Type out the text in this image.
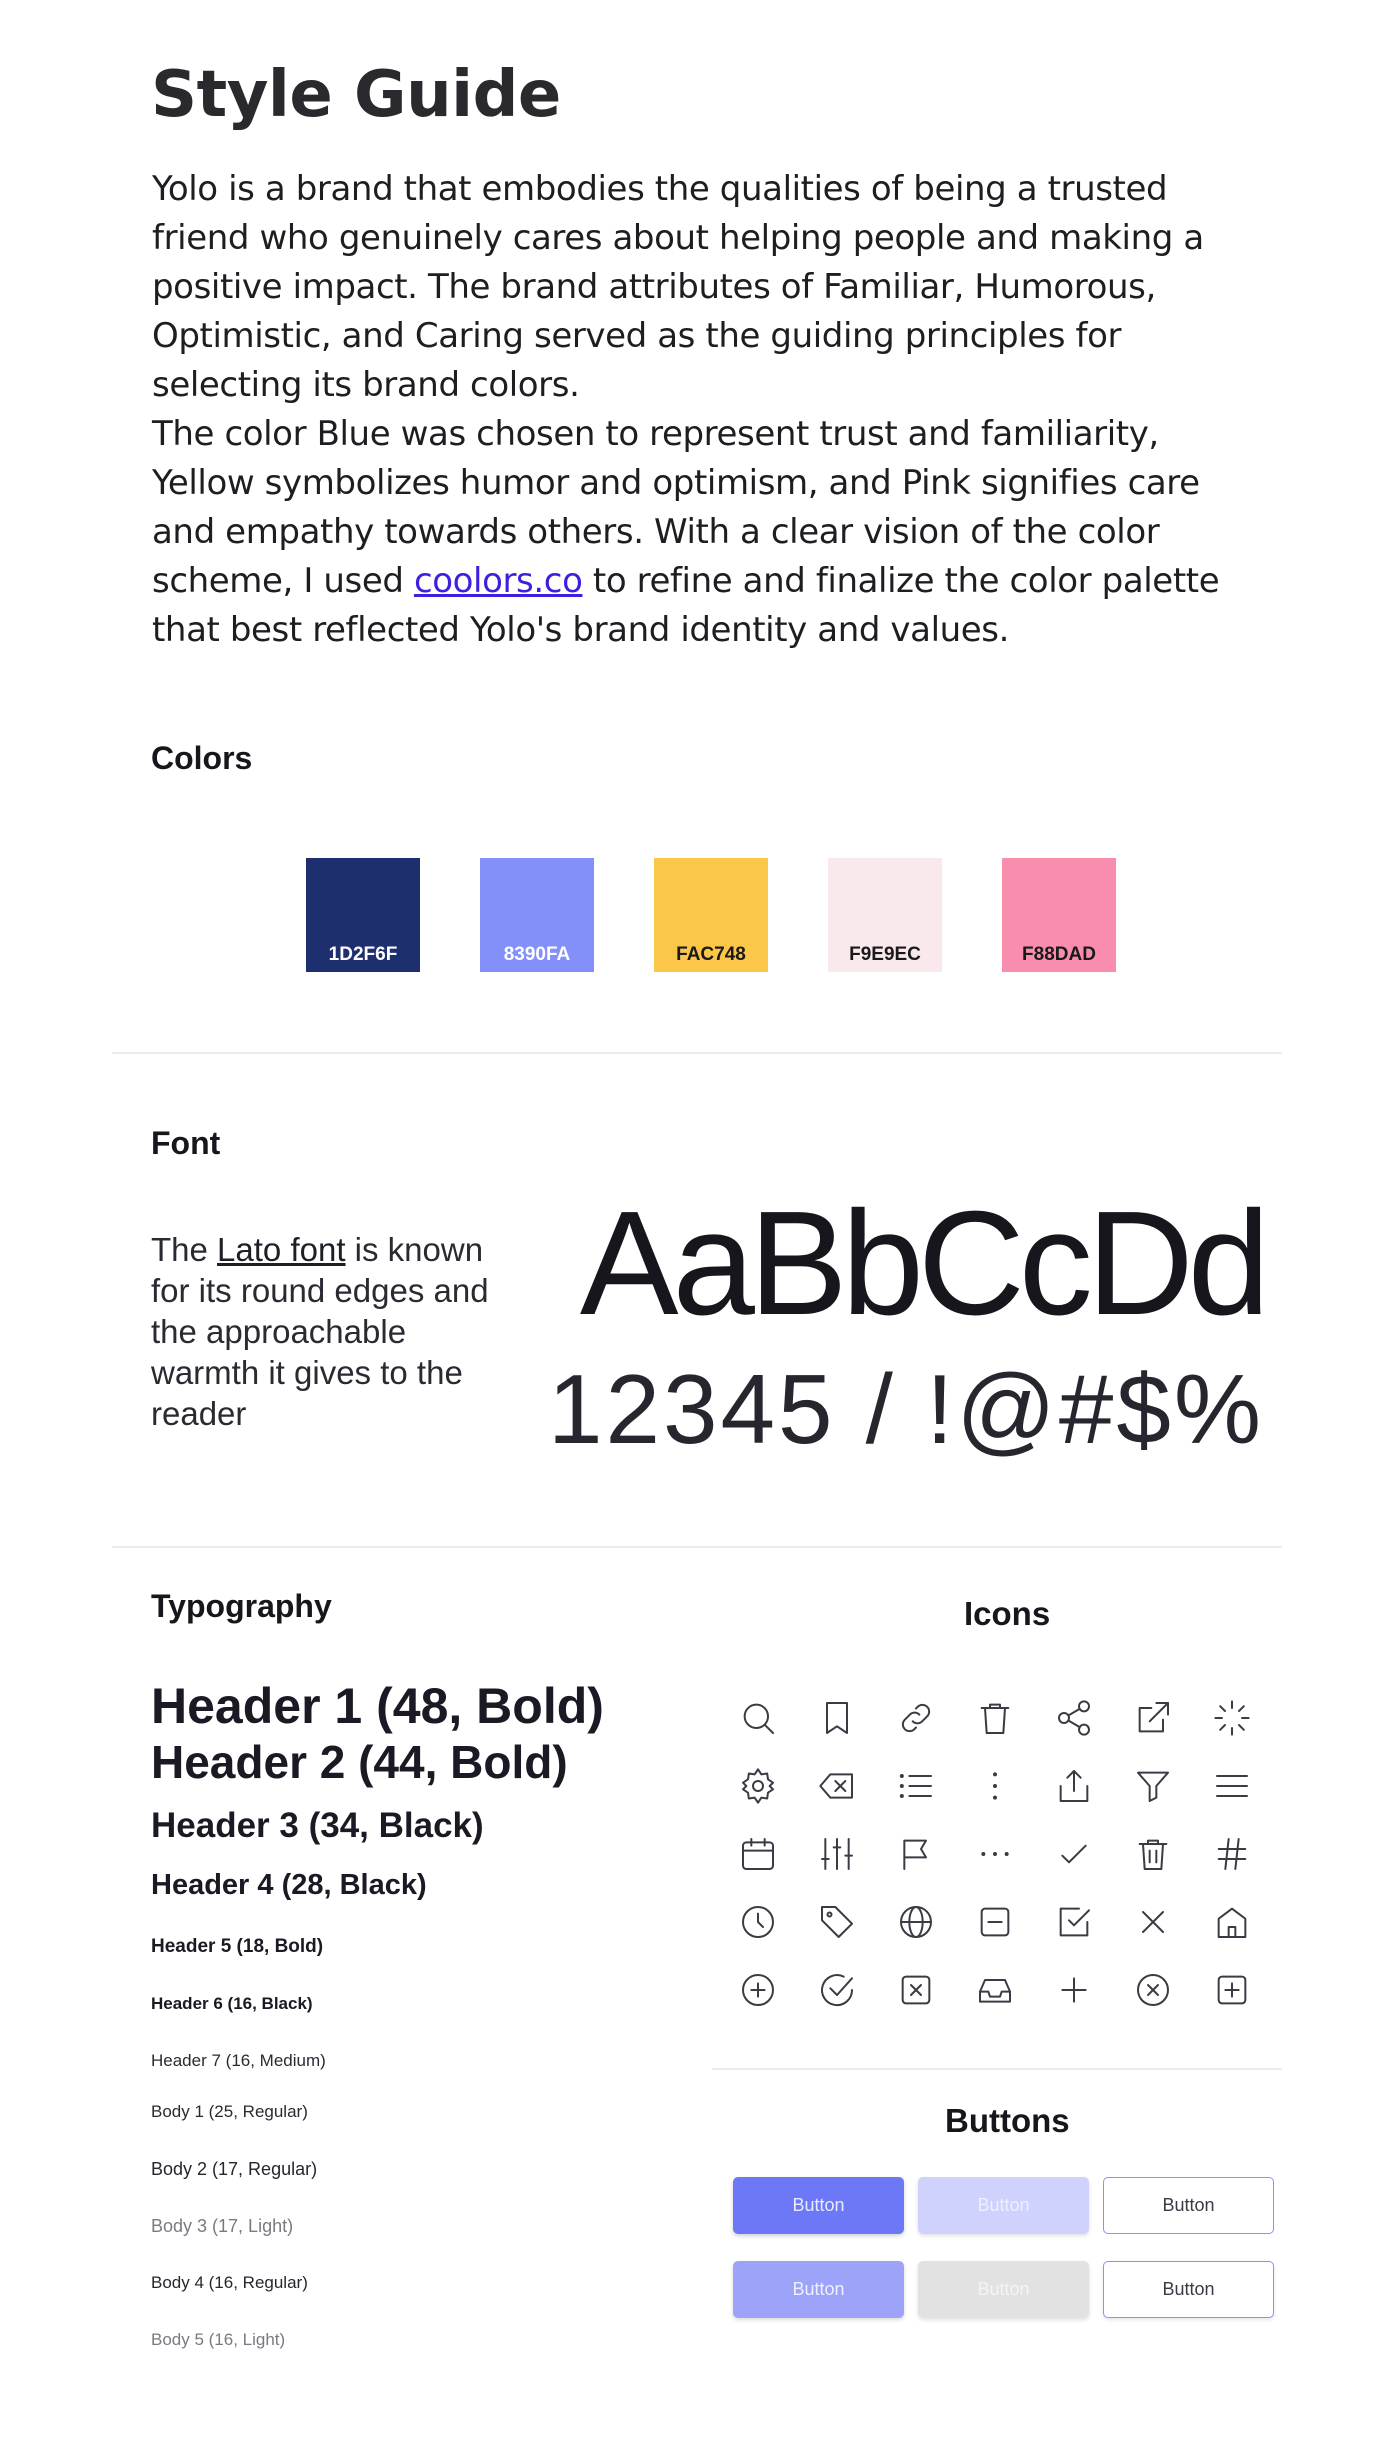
Style Guide

Yolo is a brand that embodies the qualities of being a trusted friend who genuinely cares about helping people and making a positive impact. The brand attributes of Familiar, Humorous, Optimistic, and Caring served as the guiding principles for selecting its brand colors.

The color Blue was chosen to represent trust and familiarity, Yellow symbolizes humor and optimism, and Pink signifies care and empathy towards others. With a clear vision of the color scheme, I used coolors.co to refine and finalize the color palette that best reflected Yolo's brand identity and values.

Colors
1D2F6F	8390FA	FAC748	F9E9EC	F88DAD
Font
The Lato font is known for its round edges and the approachable warmth it gives to the reader
AaBbCcDd
12345 / !@#$%
Typography

Header 1 (48, Bold)

Header 2 (44, Bold)

Header 3 (34, Black)

Header 4 (28, Black)

Header 5 (18, Bold)

Header 6 (16, Black)

Header 7 (16, Medium)

Body 1 (25, Regular)

Body 2 (17, Regular)

Body 3 (17, Light)

Body 4 (16, Regular)

Body 5 (16, Light)

Icons
Buttons
Button	Button	Button
Button	Button	Button
